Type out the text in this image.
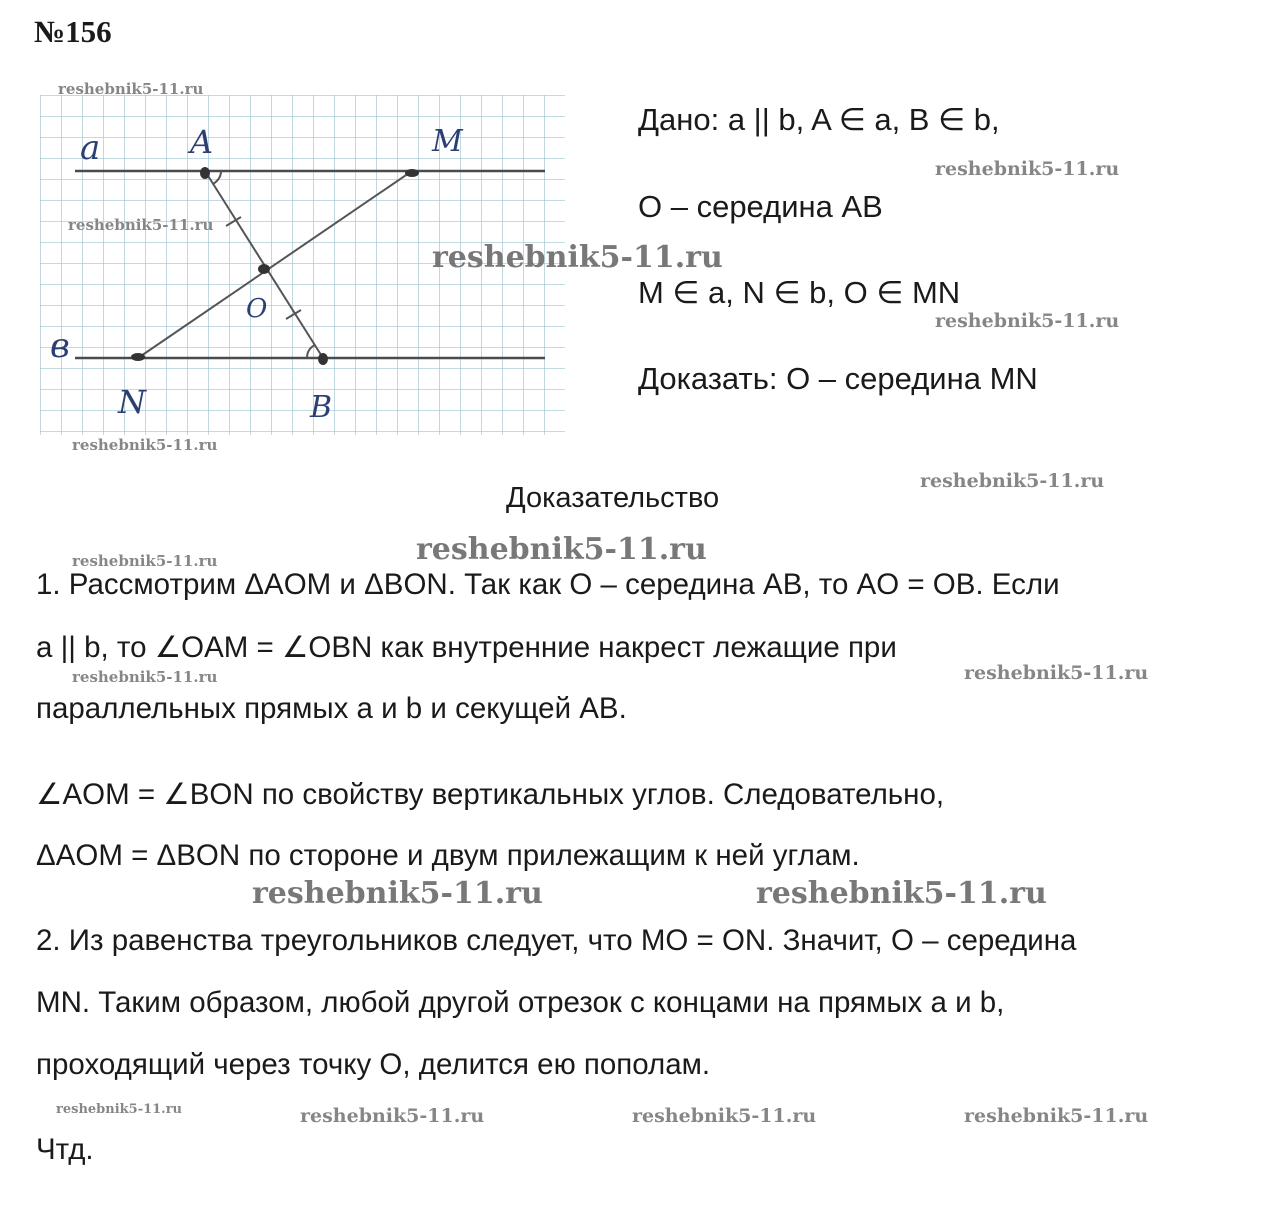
№156
a	A	M
O
в
N	В
Дано: a || b, A ∈ a, B ∈ b,
O – середина AB
M ∈ a, N ∈ b, O ∈ MN
Доказать: O – середина MN
Доказательство

1. Рассмотрим ΔAOM и ΔBON. Так как O – середина AB, то AO = OB. Если

a || b, то ∠OAM = ∠OBN как внутренние накрест лежащие при

параллельных прямых a и b и секущей AB.

∠AOM = ∠BON по свойству вертикальных углов. Следовательно,

ΔAOM = ΔBON по стороне и двум прилежащим к ней углам.

2. Из равенства треугольников следует, что MO = ON. Значит, O – середина

MN. Таким образом, любой другой отрезок с концами на прямых a и b,

проходящий через точку O, делится ею пополам.

Чтд.

reshebnik5-11.ru
reshebnik5-11.ru
reshebnik5-11.ru
reshebnik5-11.ru
reshebnik5-11.ru
reshebnik5-11.ru
reshebnik5-11.ru
reshebnik5-11.ru
reshebnik5-11.ru
reshebnik5-11.ru
reshebnik5-11.ru	reshebnik5-11.ru	reshebnik5-11.ru
reshebnik5-11.ru
reshebnik5-11.ru
reshebnik5-11.ru	reshebnik5-11.ru
